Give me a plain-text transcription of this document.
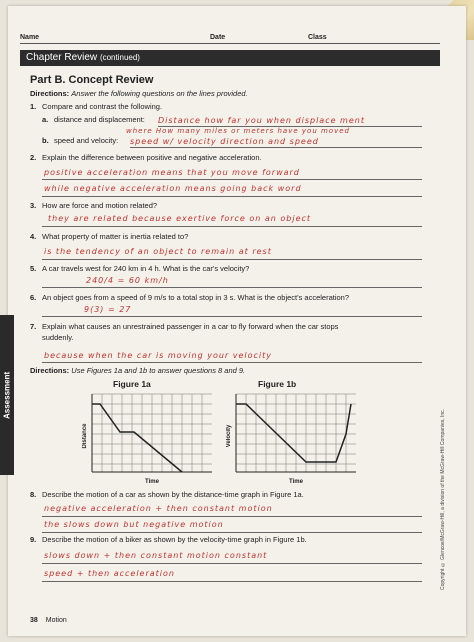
Name	Date	Class
Chapter Review (continued)
Part B. Concept Review
Directions: Answer the following questions on the lines provided.
1. Compare and contrast the following.
a. distance and displacement: Distance how far you when displace ment
where How many miles or meters have you moved
b. speed and velocity: speed w/ velocity direction and speed
2. Explain the difference between positive and negative acceleration.
positive acceleration means that you move forward
while negative acceleration means going back word
3. How are force and motion related?
they are related because exertive force on an object
4. What property of matter is inertia related to?
is the tendency of an object to remain at rest
5. A car travels west for 240 km in 4 h. What is the car's velocity?
240/4 = 60 km/h
6. An object goes from a speed of 9 m/s to a total stop in 3 s. What is the object's acceleration?
9(3) = 27
7. Explain what causes an unrestrained passenger in a car to fly forward when the car stops
suddenly.
because when the car is moving your velocity
Directions: Use Figures 1a and 1b to answer questions 8 and 9.
Figure 1a
Distance
Time
Figure 1b
Velocity
Time
8. Describe the motion of a car as shown by the distance-time graph in Figure 1a.
negative acceleration + then constant motion
the slows down but negative motion
9. Describe the motion of a biker as shown by the velocity-time graph in Figure 1b.
slows down + then constant motion constant
speed + then acceleration
Assessment
Copyright © Glencoe/McGraw-Hill, a division of the McGraw-Hill Companies, Inc.
38 Motion
